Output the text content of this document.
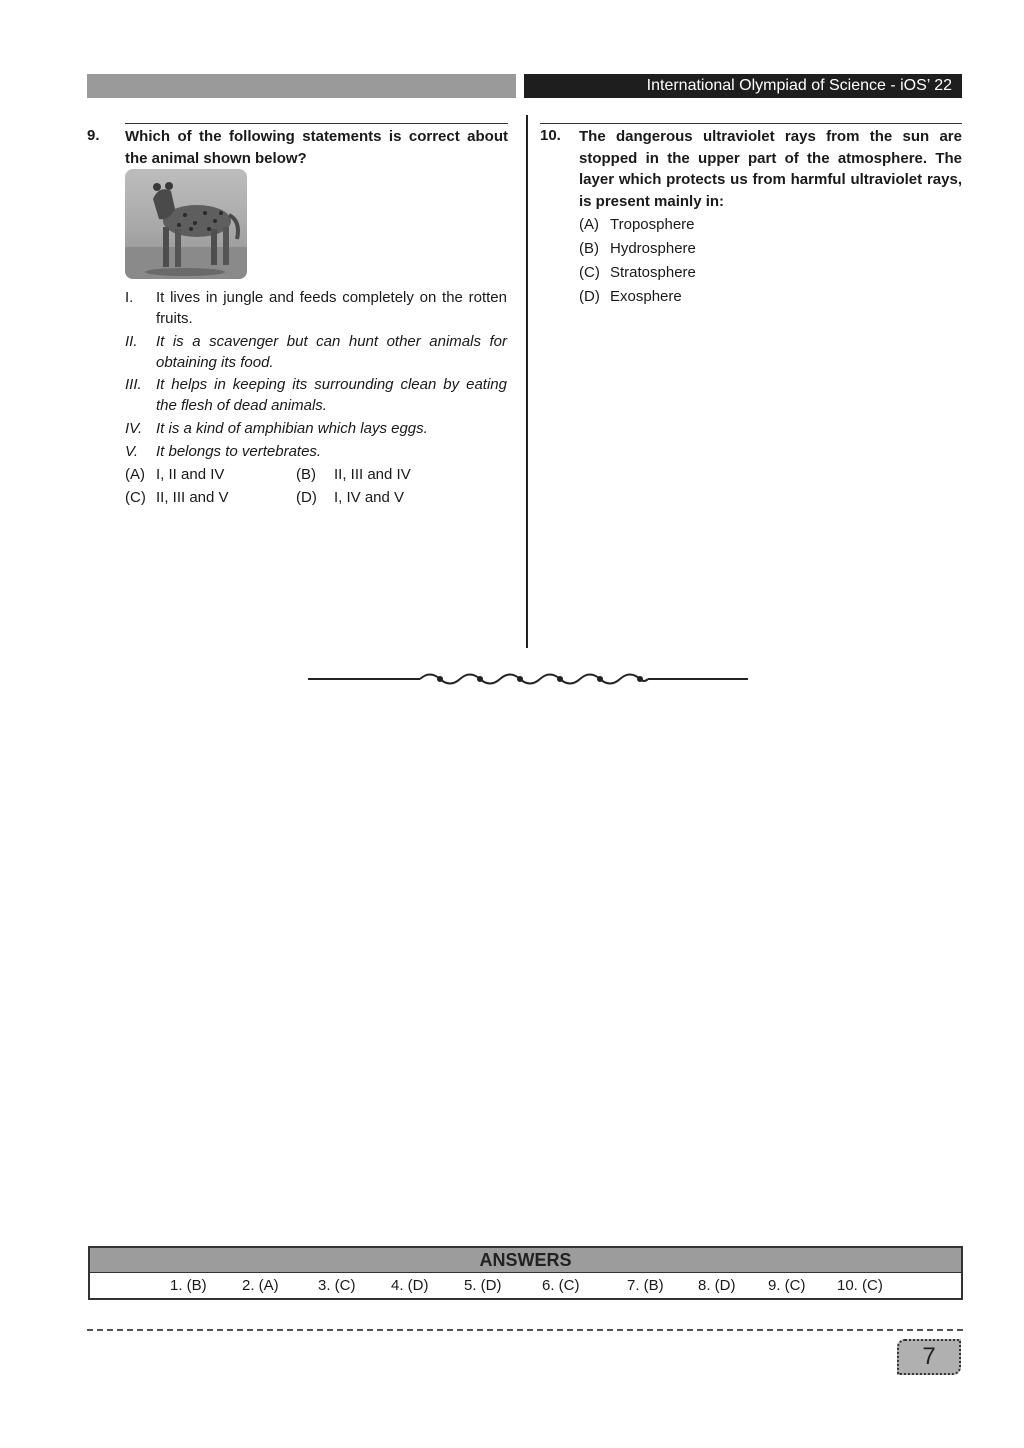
International Olympiad of Science - iOS’ 22
9. Which of the following statements is correct about the animal shown below?
I. It lives in jungle and feeds completely on the rotten fruits.
II. It is a scavenger but can hunt other animals for obtaining its food.
III. It helps in keeping its surrounding clean by eating the flesh of dead animals.
IV. It is a kind of amphibian which lays eggs.
V. It belongs to vertebrates.
(A) I, II and IV	(B) II, III and IV
(C) II, III and V	(D) I, IV and V
10. The dangerous ultraviolet rays from the sun are stopped in the upper part of the atmosphere. The layer which protects us from harmful ultraviolet rays, is present mainly in:
(A) Troposphere
(B) Hydrosphere
(C) Stratosphere
(D) Exosphere
ANSWERS
1. (B) 2. (A)	3. (C) 4. (D) 5. (D)	6. (C)	7. (B) 8. (D) 9. (C) 10. (C)
7
